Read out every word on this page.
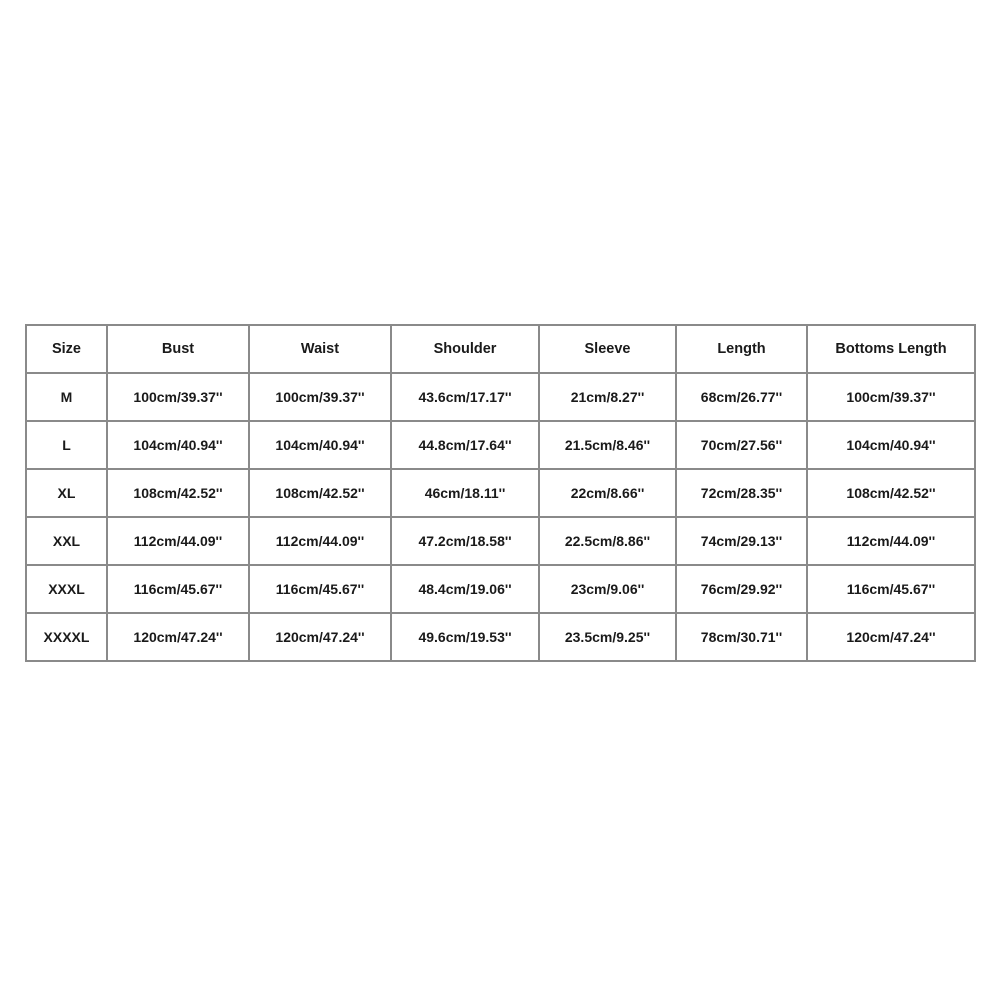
Size	Bust	Waist	Shoulder	Sleeve	Length	Bottoms Length
M	100cm/39.37''	100cm/39.37''	43.6cm/17.17''	21cm/8.27''	68cm/26.77''	100cm/39.37''
L	104cm/40.94''	104cm/40.94''	44.8cm/17.64''	21.5cm/8.46''	70cm/27.56''	104cm/40.94''
XL	108cm/42.52''	108cm/42.52''	46cm/18.11''	22cm/8.66''	72cm/28.35''	108cm/42.52''
XXL	112cm/44.09''	112cm/44.09''	47.2cm/18.58''	22.5cm/8.86''	74cm/29.13''	112cm/44.09''
XXXL	116cm/45.67''	116cm/45.67''	48.4cm/19.06''	23cm/9.06''	76cm/29.92''	116cm/45.67''
XXXXL	120cm/47.24''	120cm/47.24''	49.6cm/19.53''	23.5cm/9.25''	78cm/30.71''	120cm/47.24''
